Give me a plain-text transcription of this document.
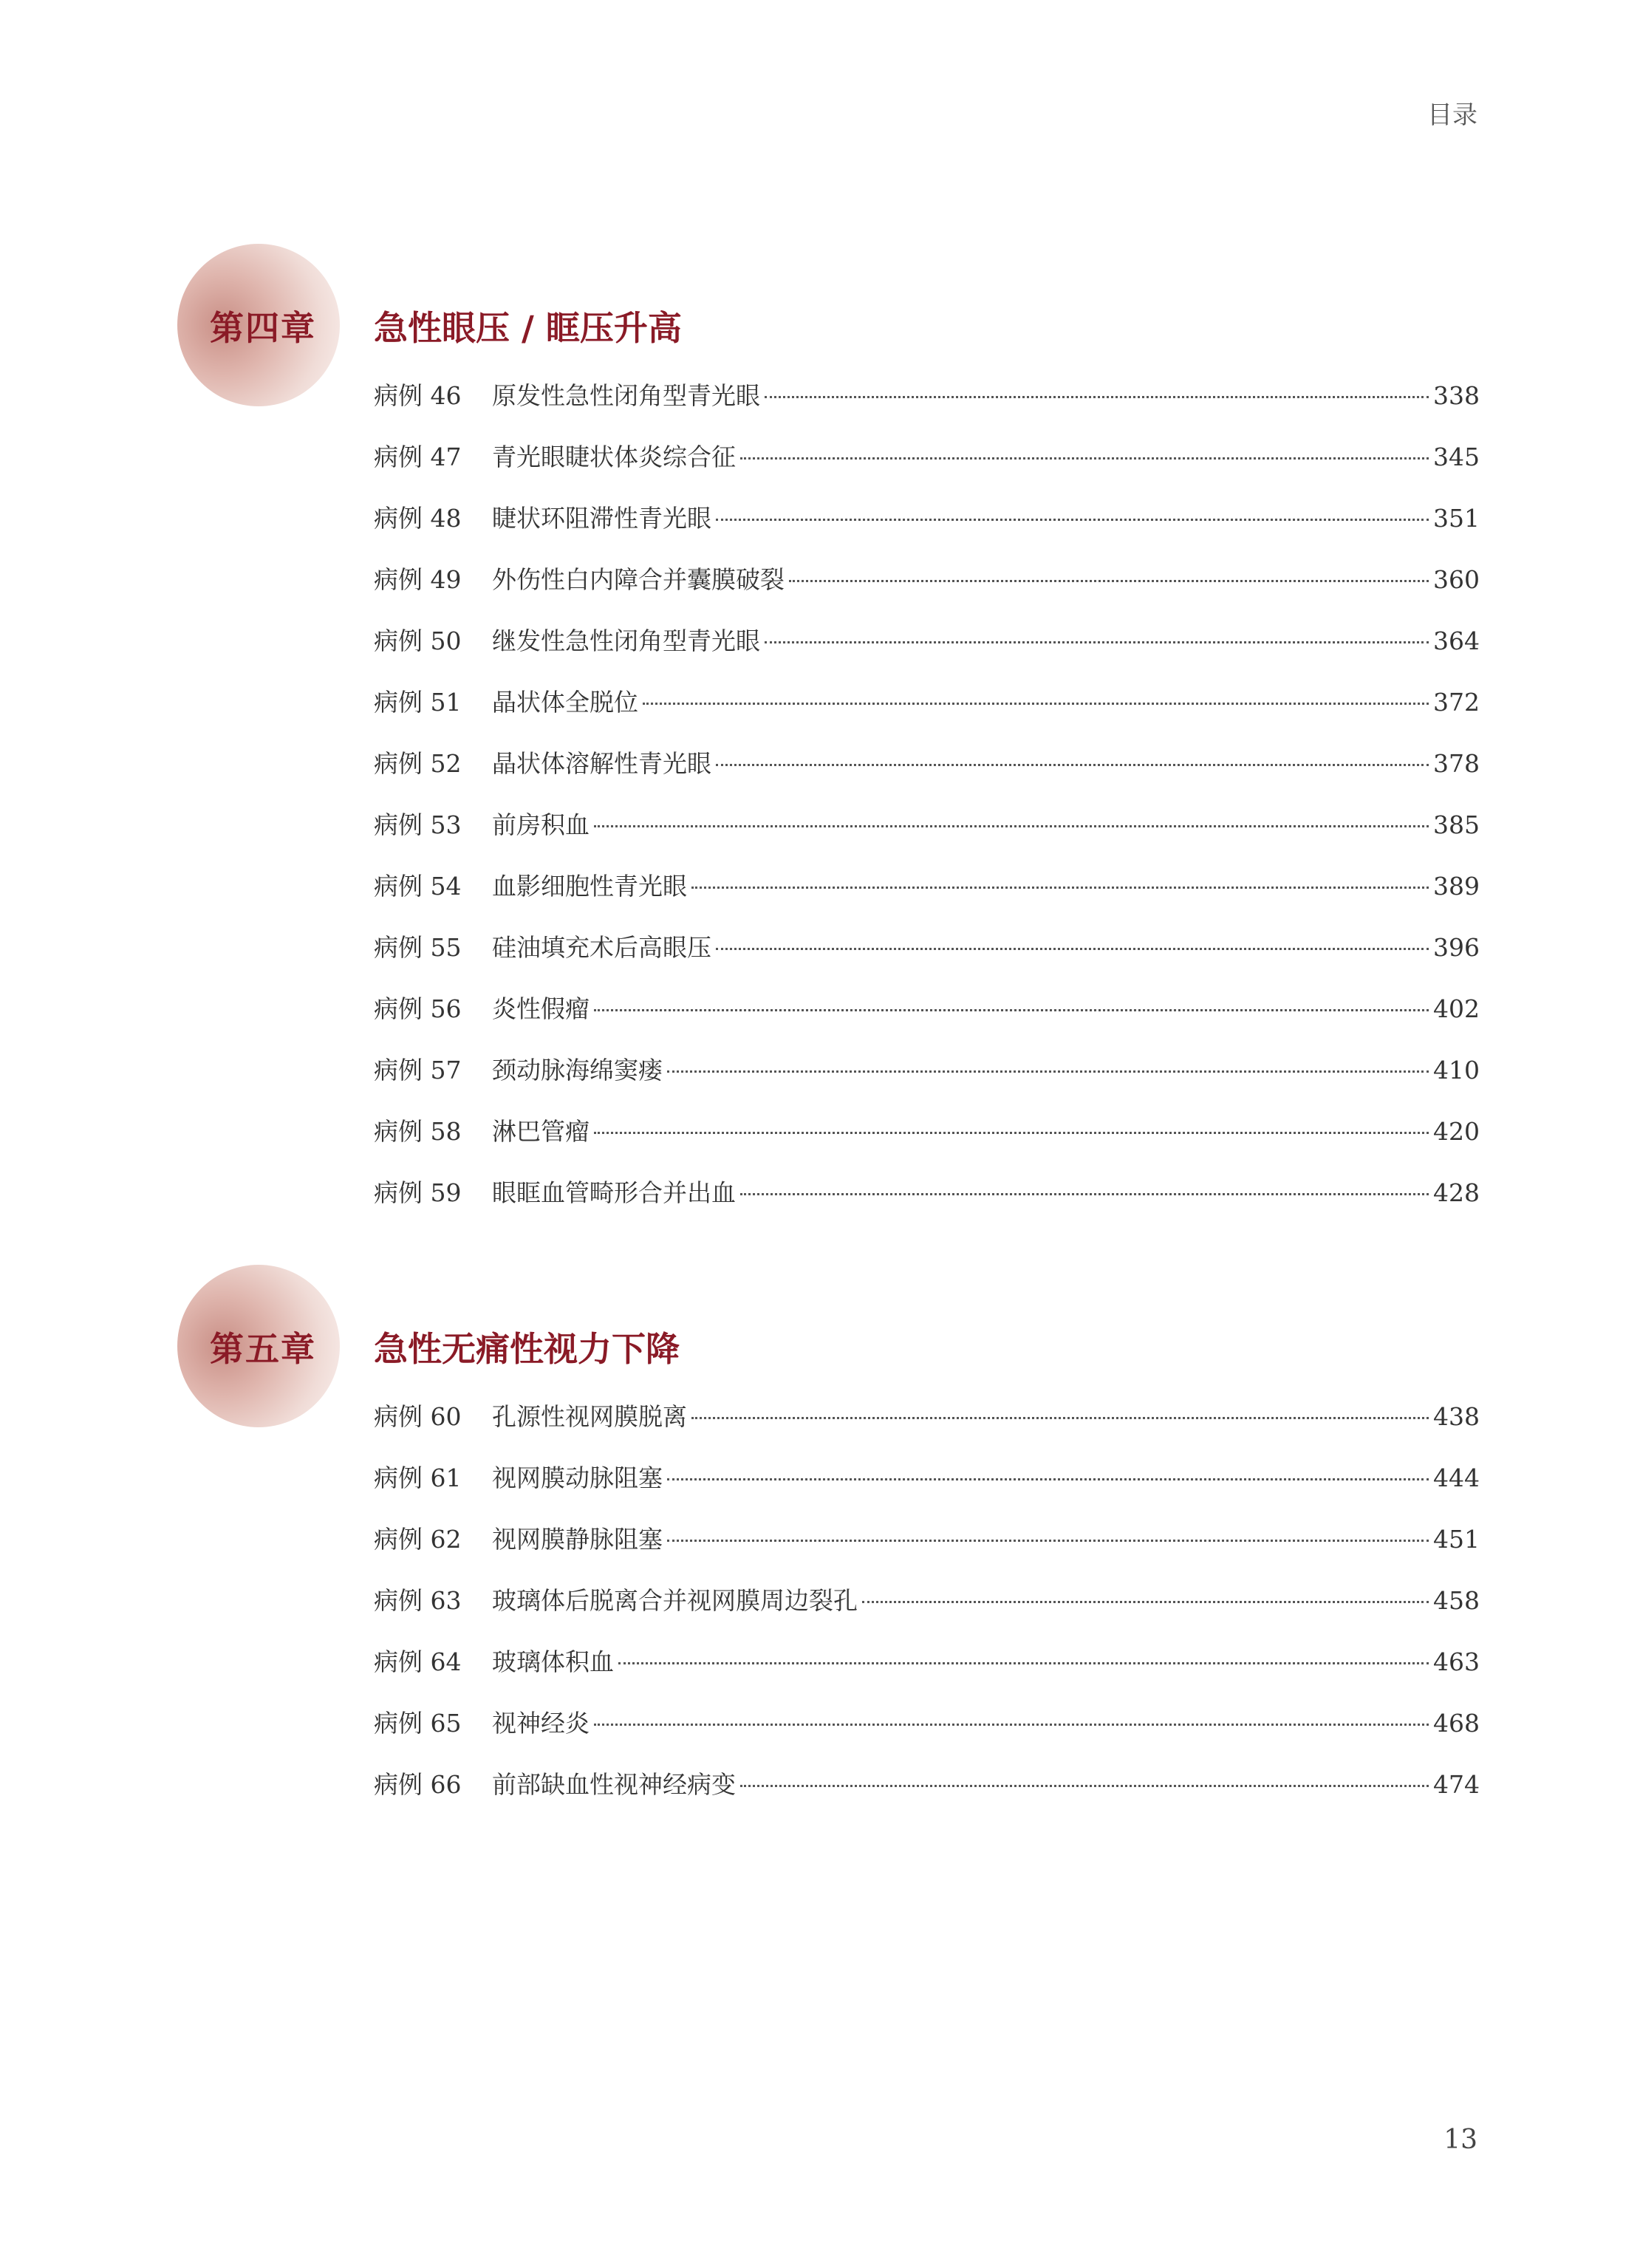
目录
第四章 急性眼压 / 眶压升高
病例 46	原发性急性闭角型青光眼	338
病例 47	青光眼睫状体炎综合征	345
病例 48	睫状环阻滞性青光眼	351
病例 49	外伤性白内障合并囊膜破裂	360
病例 50	继发性急性闭角型青光眼	364
病例 51	晶状体全脱位	372
病例 52	晶状体溶解性青光眼	378
病例 53	前房积血	385
病例 54	血影细胞性青光眼	389
病例 55	硅油填充术后高眼压	396
病例 56	炎性假瘤	402
病例 57	颈动脉海绵窦瘘	410
病例 58	淋巴管瘤	420
病例 59	眼眶血管畸形合并出血	428
第五章 急性无痛性视力下降
病例 60	孔源性视网膜脱离	438
病例 61	视网膜动脉阻塞	444
病例 62	视网膜静脉阻塞	451
病例 63	玻璃体后脱离合并视网膜周边裂孔	458
病例 64	玻璃体积血	463
病例 65	视神经炎	468
病例 66	前部缺血性视神经病变	474
13
